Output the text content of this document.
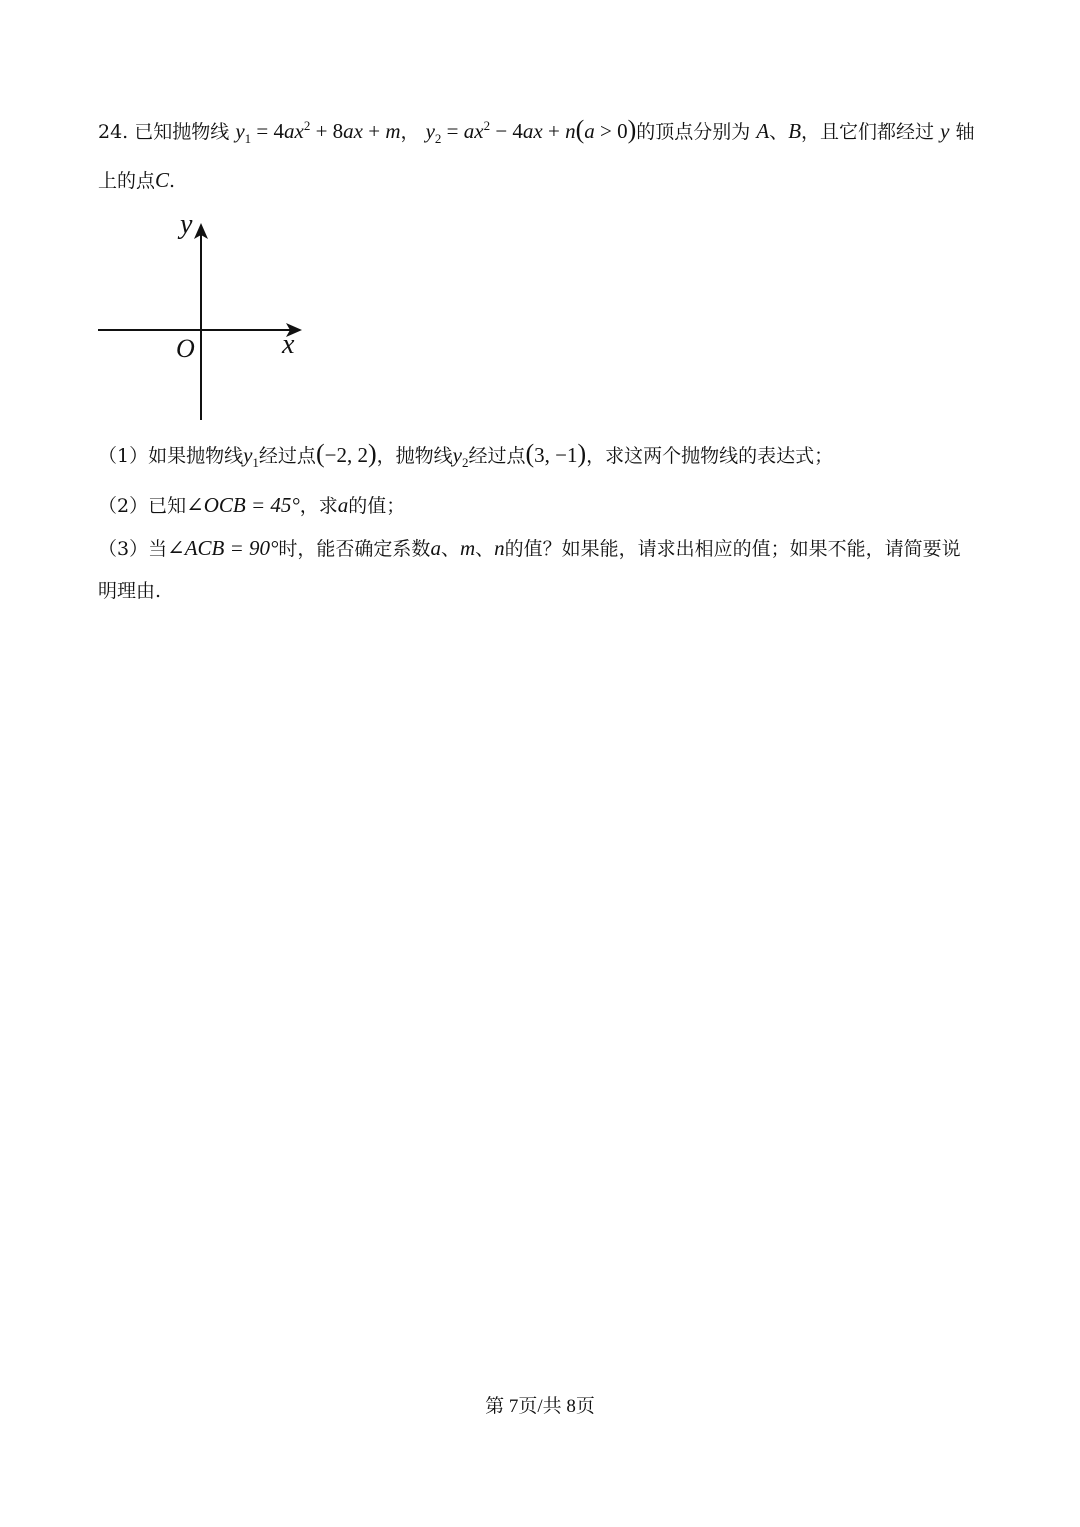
24. 已知抛物线 $y_1 = 4ax^2 + 8ax + m$， $y_2 = ax^2 - 4ax + n(a > 0)$的顶点分别为 A、B，且它们都经过 y 轴
上的点C.
y
x
O
（1）如果抛物线$y_1$经过点(−2, 2)，抛物线$y_2$经过点(3, −1)，求这两个抛物线的表达式；
（2）已知∠OCB = 45°，求a的值；
（3）当∠ACB = 90°时，能否确定系数a、m、n的值？如果能，请求出相应的值；如果不能，请简要说
明理由.
第 7页/共 8页
